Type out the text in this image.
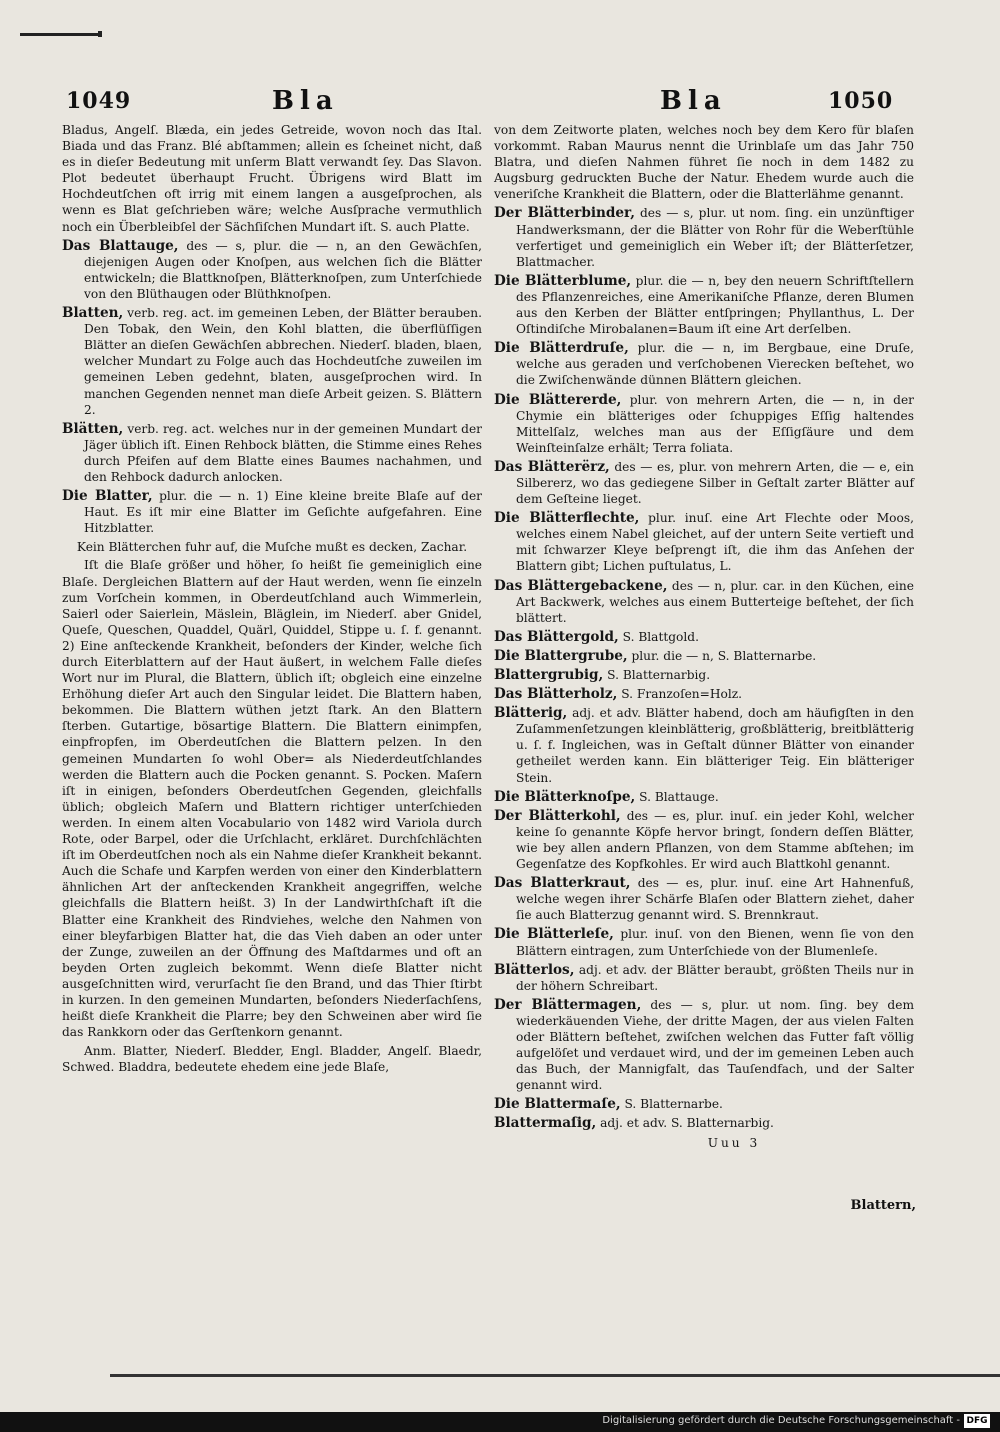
1049	Bla	Bla	1050

Bladus, Angelſ. Blæda, ein jedes Getreide, wovon noch das Ital. Biada und das Franz. Blé abſtammen; allein es ſcheinet nicht, daß es in dieſer Bedeutung mit unſerm Blatt verwandt ſey. Das Slavon. Plot bedeutet überhaupt Frucht. Übrigens wird Blatt im Hochdeutſchen oft irrig mit einem langen a ausgeſprochen, als wenn es Blat geſchrieben wäre; welche Ausſprache vermuthlich noch ein Überbleibſel der Sächſiſchen Mundart iſt. S. auch Platte.

Das Blattauge, des — s, plur. die — n, an den Gewächſen, diejenigen Augen oder Knoſpen, aus welchen ſich die Blätter entwickeln; die Blattknoſpen, Blätterknoſpen, zum Unterſchiede von den Blüthaugen oder Blüthknoſpen.

Blatten, verb. reg. act. im gemeinen Leben, der Blätter berauben. Den Tobak, den Wein, den Kohl blatten, die überflüſſigen Blätter an dieſen Gewächſen abbrechen. Niederſ. bladen, blaen, welcher Mundart zu Folge auch das Hochdeutſche zuweilen im gemeinen Leben gedehnt, blaten, ausgeſprochen wird. In manchen Gegenden nennet man dieſe Arbeit geizen. S. Blättern 2.

Blätten, verb. reg. act. welches nur in der gemeinen Mundart der Jäger üblich iſt. Einen Rehbock blätten, die Stimme eines Rehes durch Pfeifen auf dem Blatte eines Baumes nachahmen, und den Rehbock dadurch anlocken.

Die Blatter, plur. die — n. 1) Eine kleine breite Blaſe auf der Haut. Es iſt mir eine Blatter im Geſichte aufgefahren. Eine Hitzblatter.

Kein Blätterchen fuhr auf, die Muſche mußt es decken, Zachar.

Iſt die Blaſe größer und höher, ſo heißt ſie gemeiniglich eine Blaſe. Dergleichen Blattern auf der Haut werden, wenn ſie einzeln zum Vorſchein kommen, in Oberdeutſchland auch Wimmerlein, Saierl oder Saierlein, Mäslein, Bläglein, im Niederſ. aber Gnidel, Queſe, Queschen, Quaddel, Quärl, Quiddel, Stippe u. ſ. f. genannt. 2) Eine anſteckende Krankheit, beſonders der Kinder, welche ſich durch Eiterblattern auf der Haut äußert, in welchem Falle dieſes Wort nur im Plural, die Blattern, üblich iſt; obgleich eine einzelne Erhöhung dieſer Art auch den Singular leidet. Die Blattern haben, bekommen. Die Blattern wüthen jetzt ſtark. An den Blattern ſterben. Gutartige, bösartige Blattern. Die Blattern einimpfen, einpfropfen, im Oberdeutſchen die Blattern pelzen. In den gemeinen Mundarten ſo wohl Ober= als Niederdeutſchlandes werden die Blattern auch die Pocken genannt. S. Pocken. Maſern iſt in einigen, beſonders Oberdeutſchen Gegenden, gleichfalls üblich; obgleich Maſern und Blattern richtiger unterſchieden werden. In einem alten Vocabulario von 1482 wird Variola durch Rote, oder Barpel, oder die Urſchlacht, erkläret. Durchſchlächten iſt im Oberdeutſchen noch als ein Nahme dieſer Krankheit bekannt. Auch die Schafe und Karpfen werden von einer den Kinderblattern ähnlichen Art der anſteckenden Krankheit angegriffen, welche gleichfalls die Blattern heißt. 3) In der Landwirthſchaft iſt die Blatter eine Krankheit des Rindviehes, welche den Nahmen von einer bleyfarbigen Blatter hat, die das Vieh daben an oder unter der Zunge, zuweilen an der Öffnung des Maſtdarmes und oft an beyden Orten zugleich bekommt. Wenn dieſe Blatter nicht ausgeſchnitten wird, verurſacht ſie den Brand, und das Thier ſtirbt in kurzen. In den gemeinen Mundarten, beſonders Niederſachſens, heißt dieſe Krankheit die Plarre; bey den Schweinen aber wird ſie das Rankkorn oder das Gerſtenkorn genannt.

Anm. Blatter, Niederſ. Bledder, Engl. Bladder, Angelſ. Blaedr, Schwed. Bladdra, bedeutete ehedem eine jede Blaſe,

von dem Zeitworte platen, welches noch bey dem Kero für blaſen vorkommt. Raban Maurus nennt die Urinblaſe um das Jahr 750 Blatra, und dieſen Nahmen führet ſie noch in dem 1482 zu Augsburg gedruckten Buche der Natur. Ehedem wurde auch die veneriſche Krankheit die Blattern, oder die Blatterlähme genannt.

Der Blätterbinder, des — s, plur. ut nom. ſing. ein unzünftiger Handwerksmann, der die Blätter von Rohr für die Weberſtühle verfertiget und gemeiniglich ein Weber iſt; der Blätterſetzer, Blattmacher.

Die Blätterblume, plur. die — n, bey den neuern Schriftſtellern des Pflanzenreiches, eine Amerikaniſche Pflanze, deren Blumen aus den Kerben der Blätter entſpringen; Phyllanthus, L. Der Oſtindiſche Mirobalanen=Baum iſt eine Art derſelben.

Die Blätterdruſe, plur. die — n, im Bergbaue, eine Druſe, welche aus geraden und verſchobenen Vierecken beſtehet, wo die Zwiſchenwände dünnen Blättern gleichen.

Die Blättererde, plur. von mehrern Arten, die — n, in der Chymie ein blätteriges oder ſchuppiges Eſſig haltendes Mittelſalz, welches man aus der Eſſigſäure und dem Weinſteinſalze erhält; Terra foliata.

Das Blätterërz, des — es, plur. von mehrern Arten, die — e, ein Silbererz, wo das gediegene Silber in Geſtalt zarter Blätter auf dem Geſteine lieget.

Die Blätterflechte, plur. inuſ. eine Art Flechte oder Moos, welches einem Nabel gleichet, auf der untern Seite vertieft und mit ſchwarzer Kleye beſprengt iſt, die ihm das Anſehen der Blattern gibt; Lichen puſtulatus, L.

Das Blättergebackene, des — n, plur. car. in den Küchen, eine Art Backwerk, welches aus einem Butterteige beſtehet, der ſich blättert.

Das Blättergold, S. Blattgold.

Die Blattergrube, plur. die — n, S. Blatternarbe.

Blattergrubig, S. Blatternarbig.

Das Blätterholz, S. Franzoſen=Holz.

Blätterig, adj. et adv. Blätter habend, doch am häufigſten in den Zuſammenſetzungen kleinblätterig, großblätterig, breitblätterig u. ſ. f. Ingleichen, was in Geſtalt dünner Blätter von einander getheilet werden kann. Ein blätteriger Teig. Ein blätteriger Stein.

Die Blätterknoſpe, S. Blattauge.

Der Blätterkohl, des — es, plur. inuſ. ein jeder Kohl, welcher keine ſo genannte Köpfe hervor bringt, ſondern deſſen Blätter, wie bey allen andern Pflanzen, von dem Stamme abſtehen; im Gegenſatze des Kopfkohles. Er wird auch Blattkohl genannt.

Das Blatterkraut, des — es, plur. inuſ. eine Art Hahnenfuß, welche wegen ihrer Schärfe Blaſen oder Blattern ziehet, daher ſie auch Blatterzug genannt wird. S. Brennkraut.

Die Blätterleſe, plur. inuſ. von den Bienen, wenn ſie von den Blättern eintragen, zum Unterſchiede von der Blumenleſe.

Blätterlos, adj. et adv. der Blätter beraubt, größten Theils nur in der höhern Schreibart.

Der Blättermagen, des — s, plur. ut nom. ſing. bey dem wiederkäuenden Viehe, der dritte Magen, der aus vielen Falten oder Blättern beſtehet, zwiſchen welchen das Futter faſt völlig aufgelöſet und verdauet wird, und der im gemeinen Leben auch das Buch, der Mannigfalt, das Tauſendfach, und der Salter genannt wird.

Die Blattermaſe, S. Blatternarbe.

Blattermaſig, adj. et adv. S. Blatternarbig.

Uuu 3

Blattern,
Digitalisierung gefördert durch die Deutsche Forschungsgemeinschaft - DFG
